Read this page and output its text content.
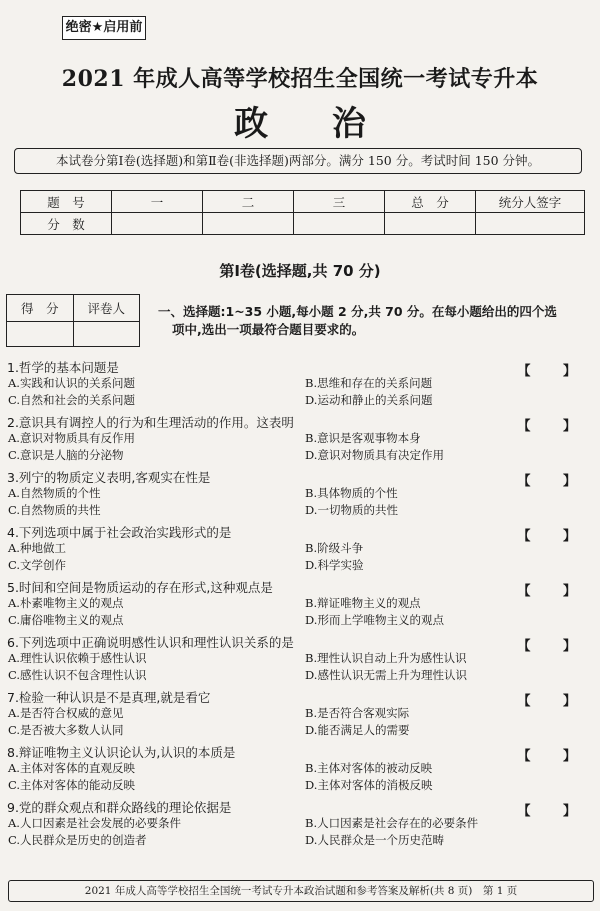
绝密★启用前
2021 年成人高等学校招生全国统一考试专升本
政 治
本试卷分第Ⅰ卷(选择题)和第Ⅱ卷(非选择题)两部分。满分 150 分。考试时间 150 分钟。
题　号	一	二	三	总　分	统分人签字
分　数					
第Ⅰ卷(选择题,共 70 分)
得　分	评卷人
		一、选择题:1~35 小题,每小题 2 分,共 70 分。在每小题给出的四个选
项中,选出一项最符合题目要求的。
1.哲学的基本问题是	【 】
A.实践和认识的关系问题	B.思维和存在的关系问题
C.自然和社会的关系问题	D.运动和静止的关系问题
2.意识具有调控人的行为和生理活动的作用。这表明	【 】
A.意识对物质具有反作用	B.意识是客观事物本身
C.意识是人脑的分泌物	D.意识对物质具有决定作用
3.列宁的物质定义表明,客观实在性是	【 】
A.自然物质的个性	B.具体物质的个性
C.自然物质的共性	D.一切物质的共性
4.下列选项中属于社会政治实践形式的是	【 】
A.种地做工	B.阶级斗争
C.文学创作	D.科学实验
5.时间和空间是物质运动的存在形式,这种观点是	【 】
A.朴素唯物主义的观点	B.辩证唯物主义的观点
C.庸俗唯物主义的观点	D.形而上学唯物主义的观点
6.下列选项中正确说明感性认识和理性认识关系的是	【 】
A.理性认识依赖于感性认识	B.理性认识自动上升为感性认识
C.感性认识不包含理性认识	D.感性认识无需上升为理性认识
7.检验一种认识是不是真理,就是看它	【 】
A.是否符合权威的意见	B.是否符合客观实际
C.是否被大多数人认同	D.能否满足人的需要
8.辩证唯物主义认识论认为,认识的本质是	【 】
A.主体对客体的直观反映	B.主体对客体的被动反映
C.主体对客体的能动反映	D.主体对客体的消极反映
9.党的群众观点和群众路线的理论依据是	【 】
A.人口因素是社会发展的必要条件	B.人口因素是社会存在的必要条件
C.人民群众是历史的创造者	D.人民群众是一个历史范畴
2021 年成人高等学校招生全国统一考试专升本政治试题和参考答案及解析(共 8 页)　第 1 页
